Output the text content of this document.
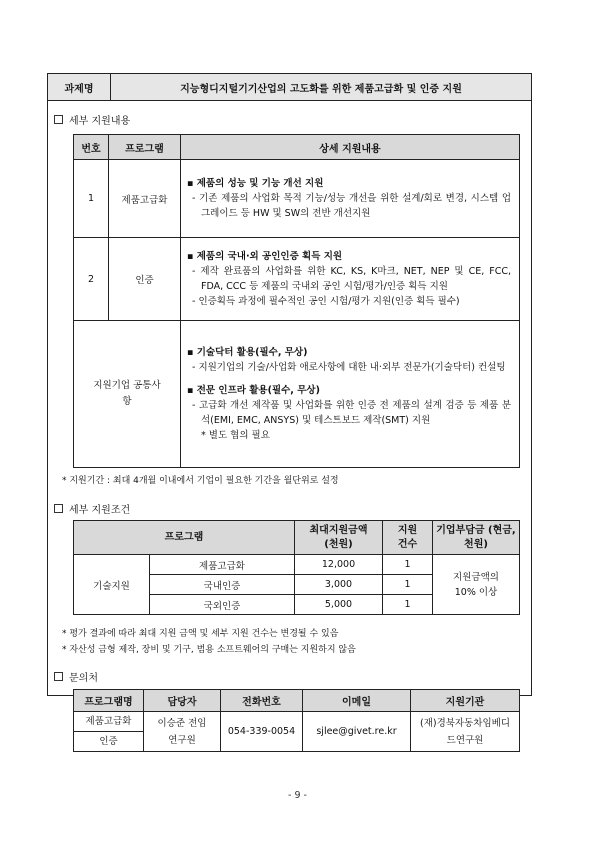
과제명	지능형디지털기기산업의 고도화를 위한 제품고급화 및 인증 지원
세부 지원내용
번호	프로그램	상세 지원내용
1	제품고급화	▪ 제품의 성능 및 기능 개선 지원
- 기존 제품의 사업화 목적 기능/성능 개선을 위한 설계/회로 변경, 시스템 업그레이드 등 HW 및 SW의 전반 개선지원

2	인증	▪ 제품의 국내·외 공인인증 획득 지원
- 제작 완료품의 사업화를 위한 KC, KS, K마크, NET, NEP 및 CE, FCC, FDA, CCC 등 제품의 국내외 공인 시험/평가/인증 획득 지원
- 인증획득 과정에 필수적인 공인 시험/평가 지원(인증 획득 필수)

지원기업 공통사항		▪ 기술닥터 활용(필수, 무상)
- 지원기업의 기술/사업화 애로사항에 대한 내·외부 전문가(기술닥터) 컨설팅
▪ 전문 인프라 활용(필수, 무상)
- 고급화 개선 제작품 및 사업화를 위한 인증 전 제품의 설계 검증 등 제품 분석(EMI, EMC, ANSYS) 및 테스트보드 제작(SMT) 지원
* 별도 협의 필요
* 지원기간 : 최대 4개월 이내에서 기업이 필요한 기간을 월단위로 설정
세부 지원조건
프로그램		최대지원금액 (천원)	지원 건수	기업부담금 (현금, 천원)

기술지원	제품고급화	12,000	1	지원금액의 10% 이상

	국내인증	3,000	1	
	국외인증	5,000	1	
* 평가 결과에 따라 최대 지원 금액 및 세부 지원 건수는 변경될 수 있음
* 자산성 금형 제작, 장비 및 기구, 범용 소프트웨어의 구매는 지원하지 않음
문의처
프로그램명	담당자	전화번호	이메일	지원기관
제품고급화	이승준 전임연구원	054-339-0054	sjlee@givet.re.kr	(재)경북자동차임베디드연구원

인증				
- 9 -
